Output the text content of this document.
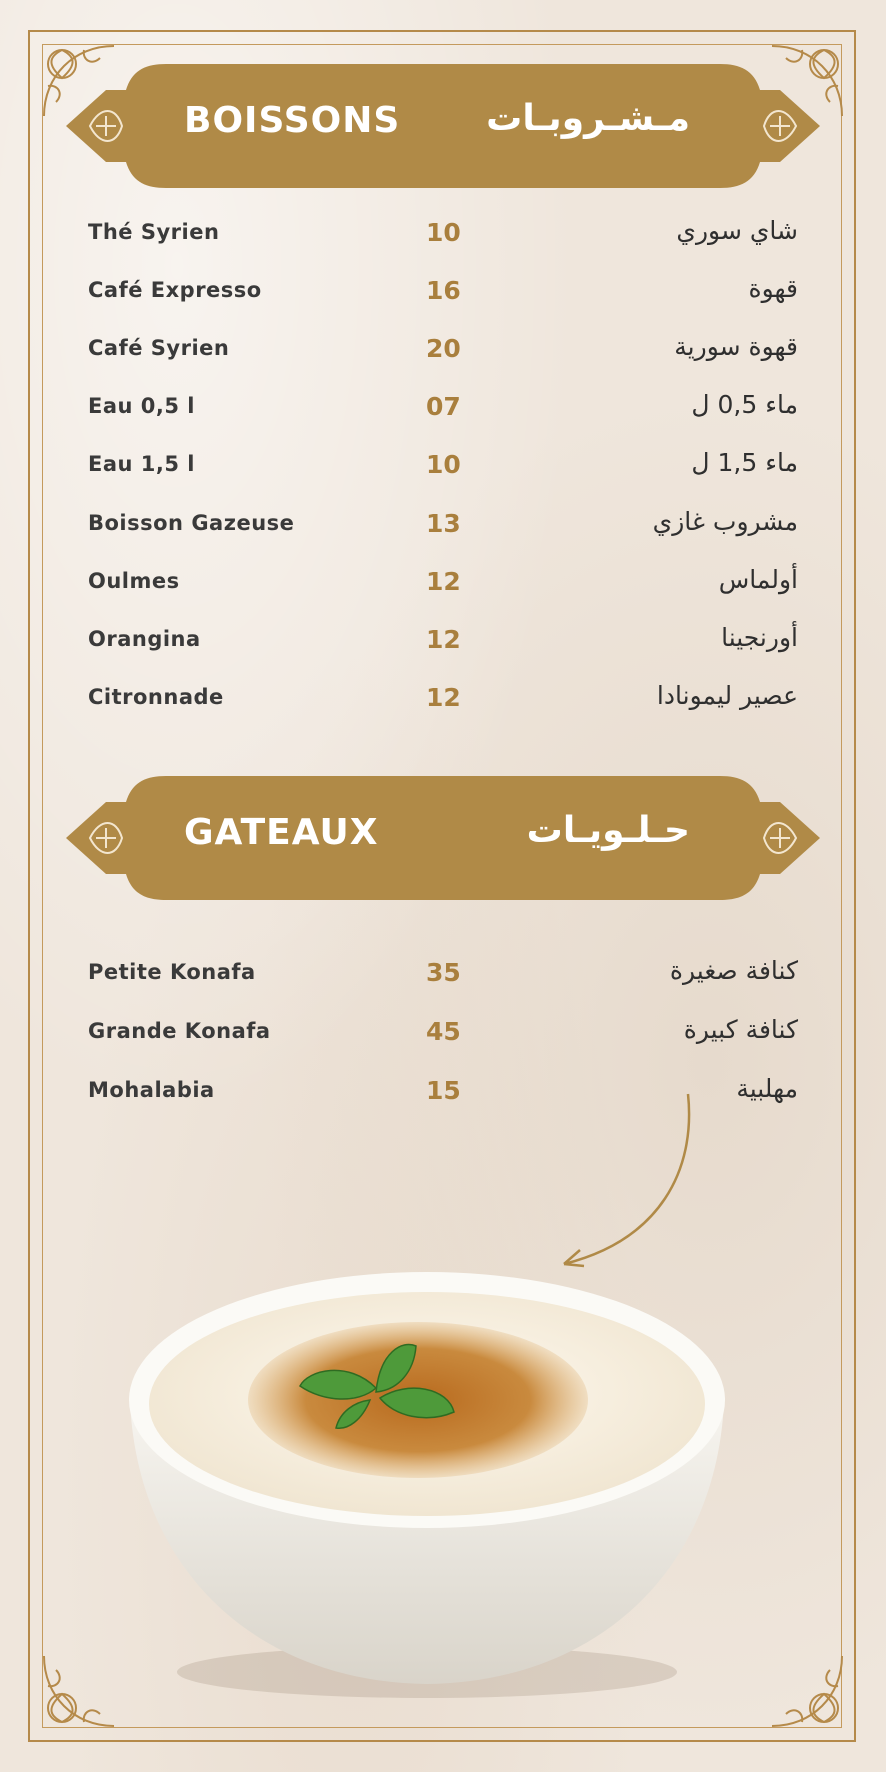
BOISSONS مـشـروبـات
Thé Syrien	10	شاي سوري
Café Expresso	16	قهوة
Café Syrien	20	قهوة سورية
Eau 0,5 l	07	ماء 0,5 ل
Eau 1,5 l	10	ماء 1,5 ل
Boisson Gazeuse	13	مشروب غازي
Oulmes	12	أولماس
Orangina	12	أورنجينا
Citronnade	12	عصير ليمونادا
GATEAUX	حـلـويـات
Petite Konafa	35	كنافة صغيرة
Grande Konafa	45	كنافة كبيرة
Mohalabia	15	مهلبية
